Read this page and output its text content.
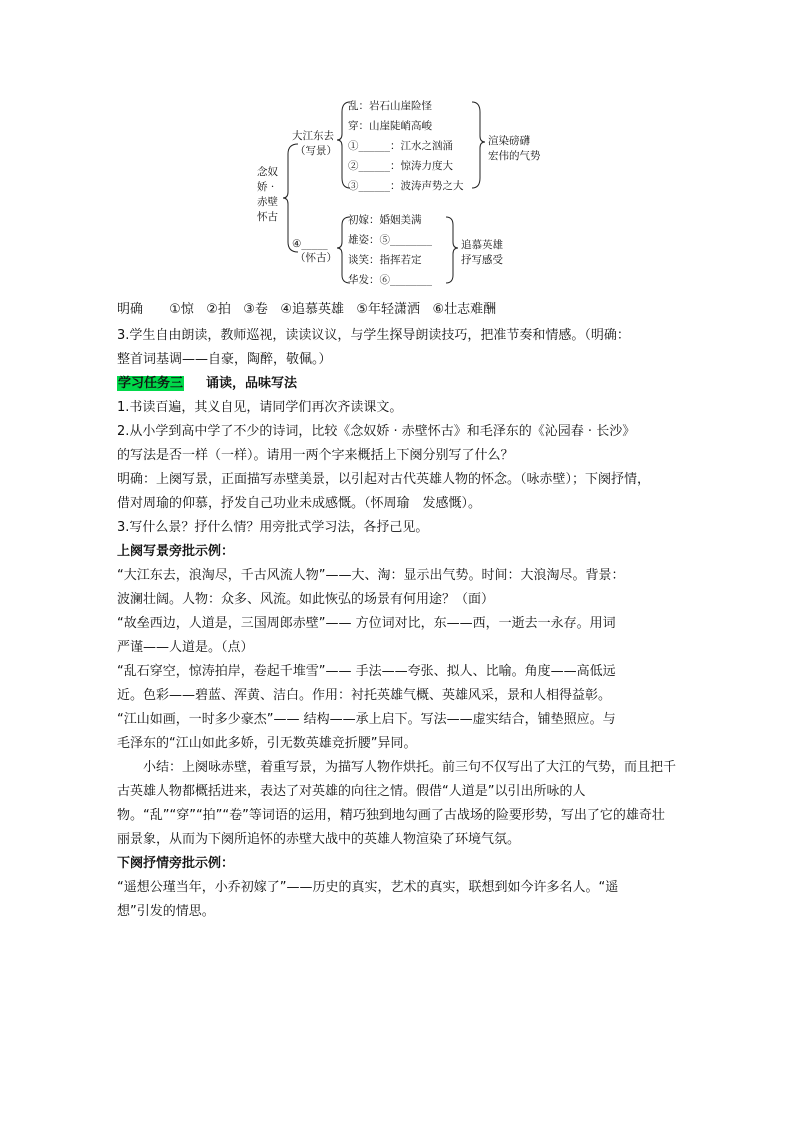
念奴
娇 ·
赤壁
怀古
大江东去
（写景）
乱：岩石山崖险怪
穿：山崖陡峭高峻
①______：江水之汹涌
②______：惊涛力度大
③______：波涛声势之大
渲染磅礴
宏伟的气势
④_____
（怀古）
初嫁：婚姻美满
雄姿：⑤________
谈笑：指挥若定
华发：⑥________
追慕英雄
抒写感受

明确 ①惊 ②拍 ③卷 ④追慕英雄 ⑤年轻潇洒 ⑥壮志难酬

3.学生自由朗读，教师巡视，读读议议，与学生探导朗读技巧，把准节奏和情感。（明确：

整首词基调——自豪，陶醉，敬佩。）

学习任务三 诵读，品味写法

1.书读百遍，其义自见，请同学们再次齐读课文。

2.从小学到高中学了不少的诗词，比较《念奴娇 · 赤壁怀古》和毛泽东的《沁园春 · 长沙》

的写法是否一样（一样）。请用一两个字来概括上下阕分别写了什么？

明确：上阕写景，正面描写赤壁美景，以引起对古代英雄人物的怀念。（咏赤壁）；下阕抒情，

借对周瑜的仰慕，抒发自己功业未成感慨。（怀周瑜　发感慨）。

3.写什么景？抒什么情？用旁批式学习法，各抒己见。

上阕写景旁批示例：

“大江东去，浪淘尽，千古风流人物”——大、淘：显示出气势。时间：大浪淘尽。背景：

波澜壮阔。人物：众多、风流。如此恢弘的场景有何用途？（面）

“故垒西边，人道是，三国周郎赤壁”—— 方位词对比，东——西，一逝去一永存。用词

严谨——人道是。（点）

“乱石穿空，惊涛拍岸，卷起千堆雪”—— 手法——夸张、拟人、比喻。角度——高低远

近。色彩——碧蓝、浑黄、洁白。作用：衬托英雄气概、英雄风采，景和人相得益彰。

“江山如画，一时多少豪杰”—— 结构——承上启下。写法——虚实结合，铺垫照应。与

毛泽东的“江山如此多娇，引无数英雄竞折腰”异同。

小结：上阕咏赤壁，着重写景，为描写人物作烘托。前三句不仅写出了大江的气势，而且把千古英雄人物都概括进来，表达了对英雄的向往之情。假借“人道是”以引出所咏的人物。“乱”“穿”“拍”“卷”等词语的运用，精巧独到地勾画了古战场的险要形势，写出了它的雄奇壮丽景象，从而为下阕所追怀的赤壁大战中的英雄人物渲染了环境气氛。

下阕抒情旁批示例：

“遥想公瑾当年，小乔初嫁了”——历史的真实，艺术的真实，联想到如今许多名人。“遥

想”引发的情思。
